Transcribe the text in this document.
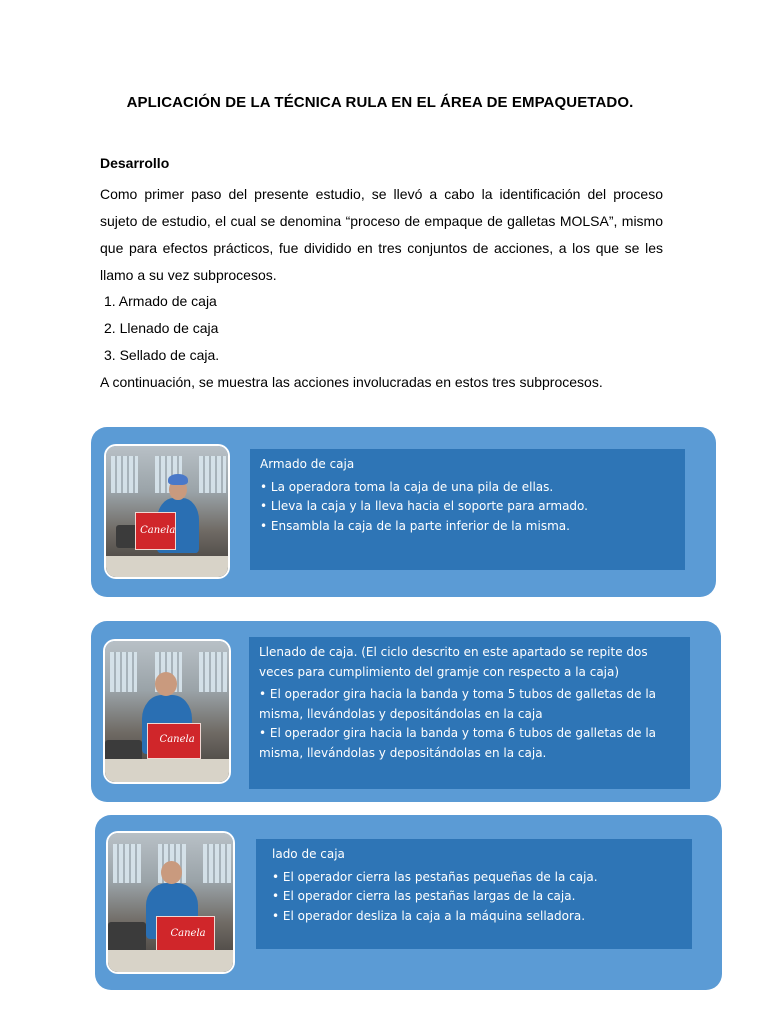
APLICACIÓN DE LA TÉCNICA RULA EN EL ÁREA DE EMPAQUETADO.
Desarrollo
Como primer paso del presente estudio, se llevó a cabo la identificación del proceso sujeto de estudio, el cual se denomina “proceso de empaque de galletas MOLSA”, mismo que para efectos prácticos, fue dividido en tres conjuntos de acciones, a los que se les llamo a su vez subprocesos.
1. Armado de caja
2. Llenado de caja
3. Sellado de caja.
A continuación, se muestra las acciones involucradas en estos tres subprocesos.
Canela
Armado de caja
• La operadora toma la caja de una pila de ellas.
• Lleva la caja y la lleva hacia el soporte para armado.
• Ensambla la caja de la parte inferior de la misma.
Canela
Llenado de caja. (El ciclo descrito en este apartado se repite dos veces para cumplimiento del gramje con respecto a la caja)
• El operador gira hacia la banda y toma 5 tubos de galletas de la misma, llevándolas y depositándolas en la caja
• El operador gira hacia la banda y toma 6 tubos de galletas de la misma, llevándolas y depositándolas en la caja.
Canela
lado de caja
• El operador cierra las pestañas pequeñas de la caja.
• El operador cierra las pestañas largas de la caja.
• El operador desliza la caja a la máquina selladora.
